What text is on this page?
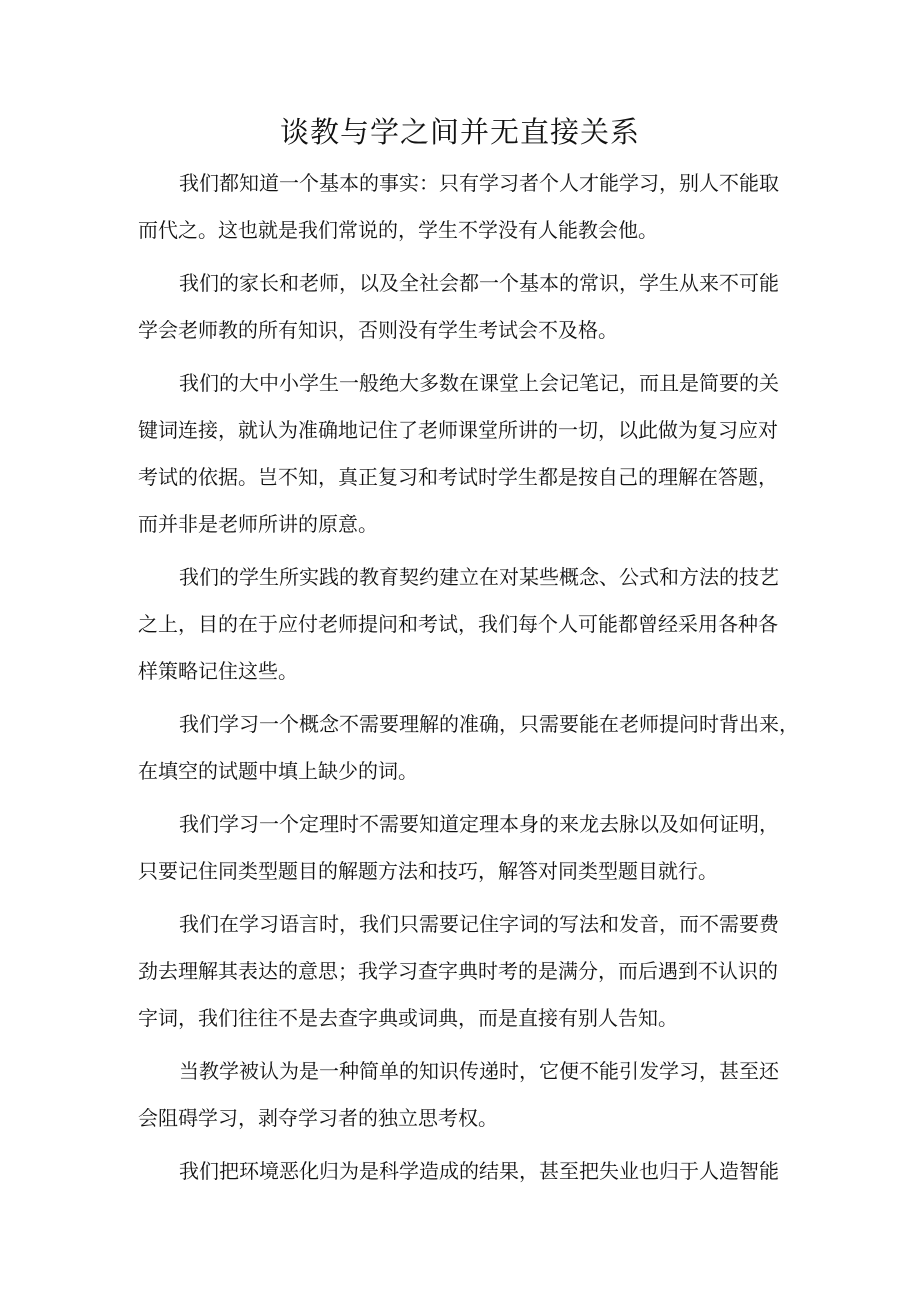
谈教与学之间并无直接关系

我们都知道一个基本的事实：只有学习者个人才能学习，别人不能取
而代之。这也就是我们常说的，学生不学没有人能教会他。

我们的家长和老师，以及全社会都一个基本的常识，学生从来不可能
学会老师教的所有知识，否则没有学生考试会不及格。

我们的大中小学生一般绝大多数在课堂上会记笔记，而且是简要的关
键词连接，就认为准确地记住了老师课堂所讲的一切，以此做为复习应对
考试的依据。岂不知，真正复习和考试时学生都是按自己的理解在答题，
而并非是老师所讲的原意。

我们的学生所实践的教育契约建立在对某些概念、公式和方法的技艺
之上，目的在于应付老师提问和考试，我们每个人可能都曾经采用各种各
样策略记住这些。

我们学习一个概念不需要理解的准确，只需要能在老师提问时背出来，
在填空的试题中填上缺少的词。

我们学习一个定理时不需要知道定理本身的来龙去脉以及如何证明，
只要记住同类型题目的解题方法和技巧，解答对同类型题目就行。

我们在学习语言时，我们只需要记住字词的写法和发音，而不需要费
劲去理解其表达的意思；我学习查字典时考的是满分，而后遇到不认识的
字词，我们往往不是去查字典或词典，而是直接有别人告知。

当教学被认为是一种简单的知识传递时，它便不能引发学习，甚至还
会阻碍学习，剥夺学习者的独立思考权。

我们把环境恶化归为是科学造成的结果，甚至把失业也归于人造智能
